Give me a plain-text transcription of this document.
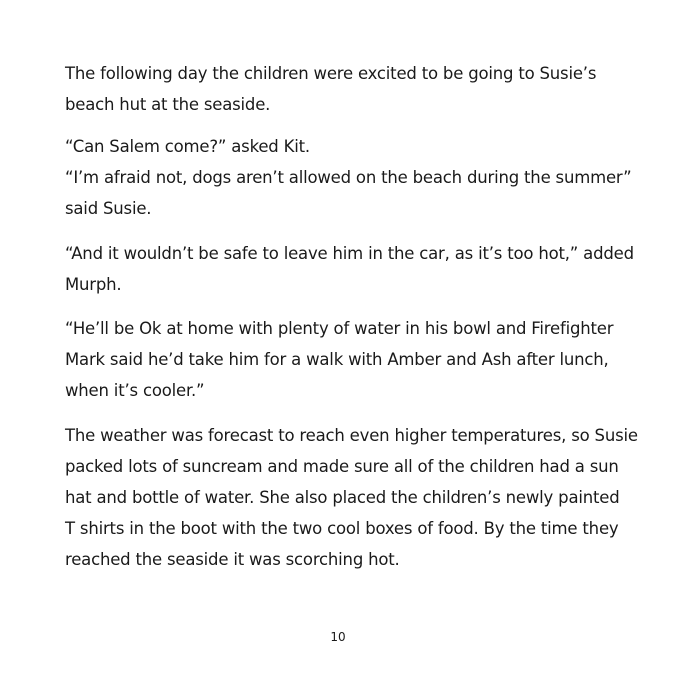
The following day the children were excited to be going to Susie’s
beach hut at the seaside.
“Can Salem come?” asked Kit.
“I’m afraid not, dogs aren’t allowed on the beach during the summer”
said Susie.
“And it wouldn’t be safe to leave him in the car, as it’s too hot,” added
Murph.
“He’ll be Ok at home with plenty of water in his bowl and Firefighter
Mark said he’d take him for a walk with Amber and Ash after lunch,
when it’s cooler.”
The weather was forecast to reach even higher temperatures, so Susie
packed lots of suncream and made sure all of the children had a sun
hat and bottle of water. She also placed the children’s newly painted
T shirts in the boot with the two cool boxes of food. By the time they
reached the seaside it was scorching hot.
10
